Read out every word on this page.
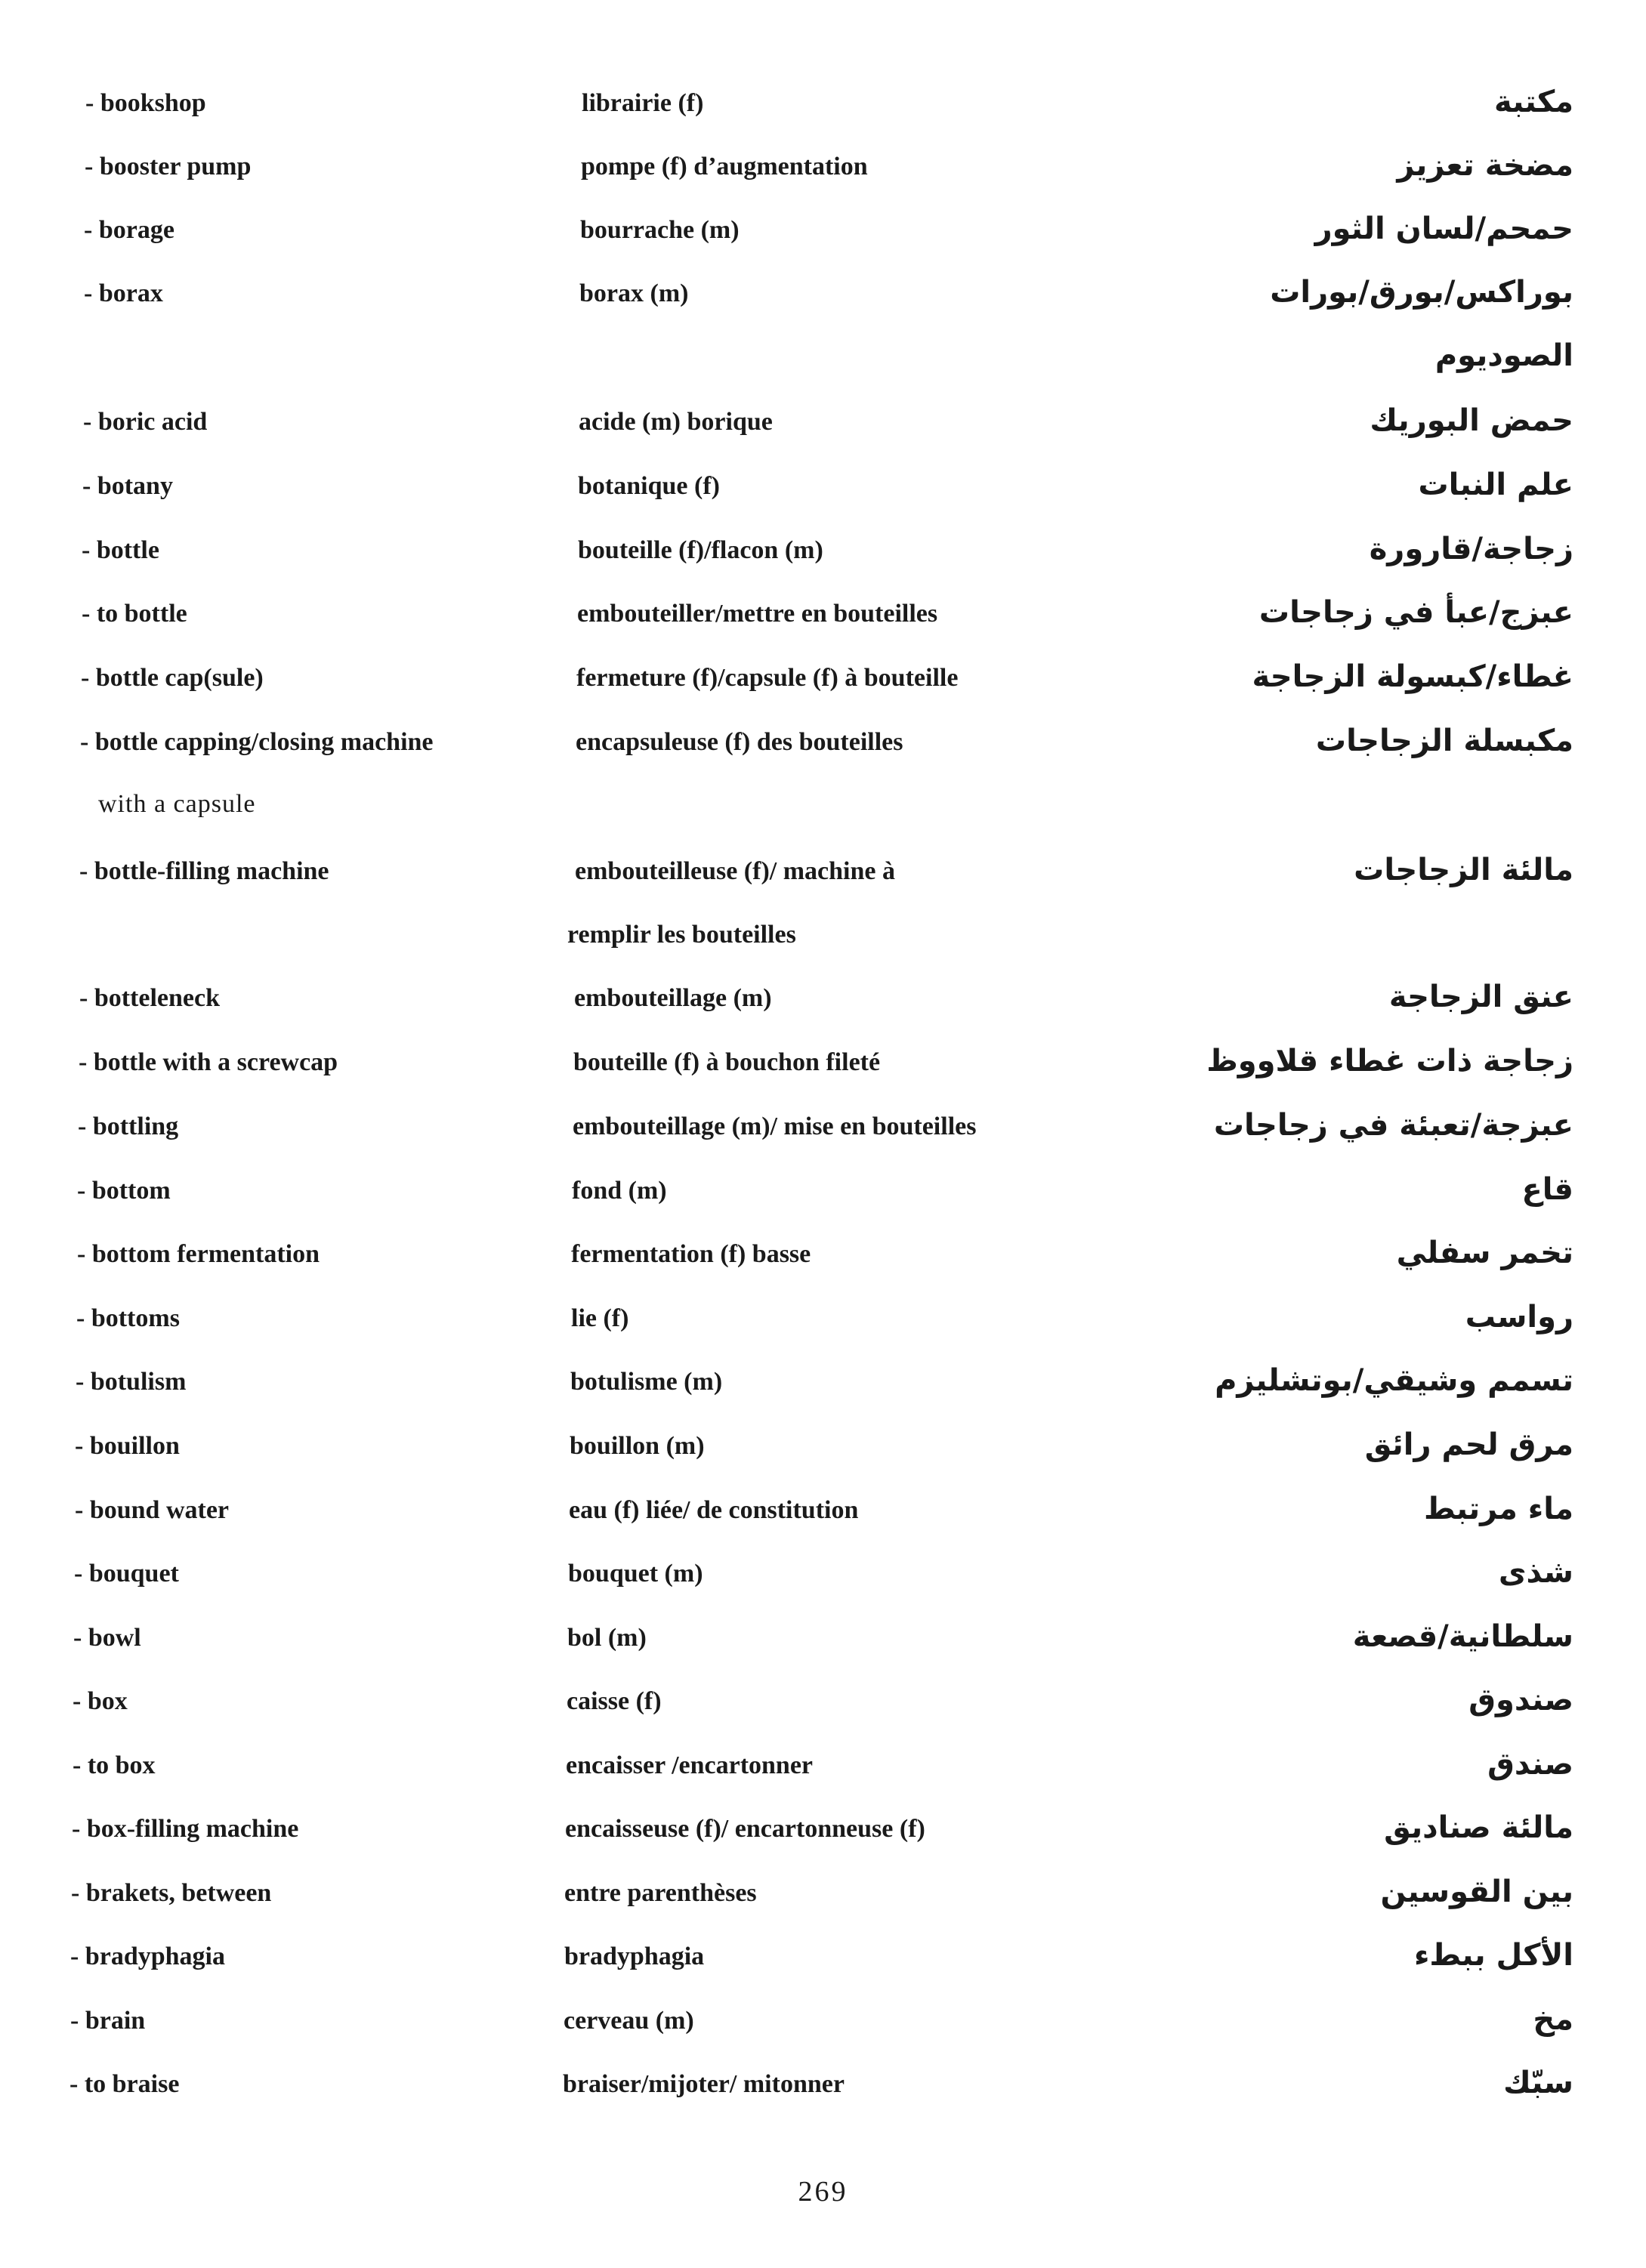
- bookshop	librairie (f)	مكتبة
- booster pump	pompe (f) d’augmentation	مضخة تعزيز
- borage	bourrache (m)	حمحم/لسان الثور
- borax	borax (m)	بوراكس/بورق/بورات
الصوديوم
- boric acid	acide (m) borique	حمض البوريك
- botany	botanique (f)	علم النبات
- bottle	bouteille (f)/flacon (m)	زجاجة/قارورة
- to bottle	embouteiller/mettre en bouteilles	عبزج/عبأ في زجاجات
- bottle cap(sule)	fermeture (f)/capsule (f) à bouteille	غطاء/كبسولة الزجاجة
- bottle capping/closing machine	encapsuleuse (f) des bouteilles	مكبسلة الزجاجات
with a capsule
- bottle-filling machine	embouteilleuse (f)/ machine à	مالئة الزجاجات
remplir les bouteilles
- botteleneck	embouteillage (m)	عنق الزجاجة
- bottle with a screwcap	bouteille (f) à bouchon fileté	زجاجة ذات غطاء قلاووظ
- bottling	embouteillage (m)/ mise en bouteilles	عبزجة/تعبئة في زجاجات
- bottom	fond (m)	قاع
- bottom fermentation	fermentation (f) basse	تخمر سفلي
- bottoms	lie (f)	رواسب
- botulism	botulisme (m)	تسمم وشيقي/بوتشليزم
- bouillon	bouillon (m)	مرق لحم رائق
- bound water	eau (f) liée/ de constitution	ماء مرتبط
- bouquet	bouquet (m)	شذى
- bowl	bol (m)	سلطانية/قصعة
- box	caisse (f)	صندوق
- to box	encaisser /encartonner	صندق
- box-filling machine	encaisseuse (f)/ encartonneuse (f)	مالئة صناديق
- brakets, between	entre parenthèses	بين القوسين
- bradyphagia	bradyphagia	الأكل ببطء
- brain	cerveau (m)	مخ
- to braise	braiser/mijoter/ mitonner	سبّك
269
